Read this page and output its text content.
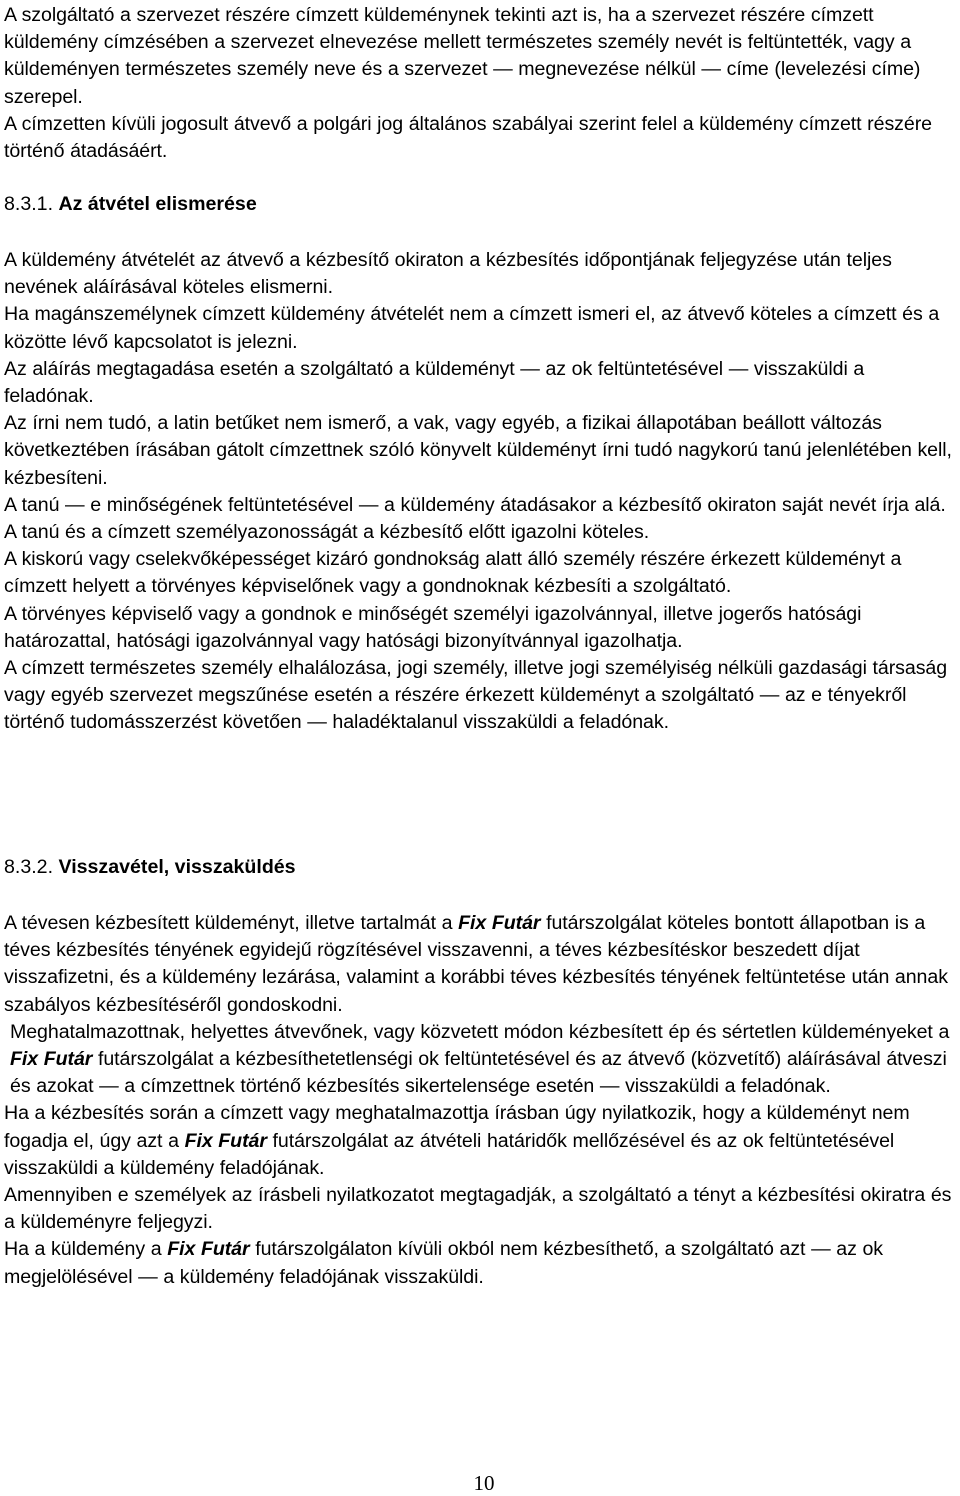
A szolgáltató a szervezet részére címzett küldeménynek tekinti azt is, ha a szervezet részére címzett küldemény címzésében a szervezet elnevezése mellett természetes személy nevét is feltüntették, vagy a küldeményen természetes személy neve és a szervezet — megnevezése nélkül — címe (levelezési címe) szerepel.

A címzetten kívüli jogosult átvevő a polgári jog általános szabályai szerint felel a küldemény címzett részére történő átadásáért.

8.3.1. Az átvétel elismerése

A küldemény átvételét az átvevő a kézbesítő okiraton a kézbesítés időpontjának feljegyzése után teljes nevének aláírásával köteles elismerni.

Ha magánszemélynek címzett küldemény átvételét nem a címzett ismeri el, az átvevő köteles a címzett és a közötte lévő kapcsolatot is jelezni.

Az aláírás megtagadása esetén a szolgáltató a küldeményt — az ok feltüntetésével — visszaküldi a feladónak.

Az írni nem tudó, a latin betűket nem ismerő, a vak, vagy egyéb, a fizikai állapotában beállott változás következtében írásában gátolt címzettnek szóló könyvelt küldeményt írni tudó nagykorú tanú jelenlétében kell, kézbesíteni.

A tanú — e minőségének feltüntetésével — a küldemény átadásakor a kézbesítő okiraton saját nevét írja alá. A tanú és a címzett személyazonosságát a kézbesítő előtt igazolni köteles.

A kiskorú vagy cselekvőképességet kizáró gondnokság alatt álló személy részére érkezett küldeményt a címzett helyett a törvényes képviselőnek vagy a gondnoknak kézbesíti a szolgáltató.

A törvényes képviselő vagy a gondnok e minőségét személyi igazolvánnyal, illetve jogerős hatósági határozattal, hatósági igazolvánnyal vagy hatósági bizonyítvánnyal igazolhatja.

A címzett természetes személy elhalálozása, jogi személy, illetve jogi személyiség nélküli gazdasági társaság vagy egyéb szervezet megszűnése esetén a részére érkezett küldeményt a szolgáltató — az e tényekről történő tudomásszerzést követően — haladéktalanul visszaküldi a feladónak.

8.3.2. Visszavétel, visszaküldés

A tévesen kézbesített küldeményt, illetve tartalmát a Fix Futár futárszolgálat köteles bontott állapotban is a téves kézbesítés tényének egyidejű rögzítésével visszavenni, a téves kézbesítéskor beszedett díjat visszafizetni, és a küldemény lezárása, valamint a korábbi téves kézbesítés tényének feltüntetése után annak szabályos kézbesítéséről gondoskodni.

Meghatalmazottnak, helyettes átvevőnek, vagy közvetett módon kézbesített ép és sértetlen küldeményeket a Fix Futár futárszolgálat a kézbesíthetetlenségi ok feltüntetésével és az átvevő (közvetítő) aláírásával átveszi és azokat — a címzettnek történő kézbesítés sikertelensége esetén — visszaküldi a feladónak.

Ha a kézbesítés során a címzett vagy meghatalmazottja írásban úgy nyilatkozik, hogy a küldeményt nem fogadja el, úgy azt a Fix Futár futárszolgálat az átvételi határidők mellőzésével és az ok feltüntetésével visszaküldi a küldemény feladójának.

Amennyiben e személyek az írásbeli nyilatkozatot megtagadják, a szolgáltató a tényt a kézbesítési okiratra és a küldeményre feljegyzi.

Ha a küldemény a Fix Futár futárszolgálaton kívüli okból nem kézbesíthető, a szolgáltató azt — az ok megjelölésével — a küldemény feladójának visszaküldi.

10
